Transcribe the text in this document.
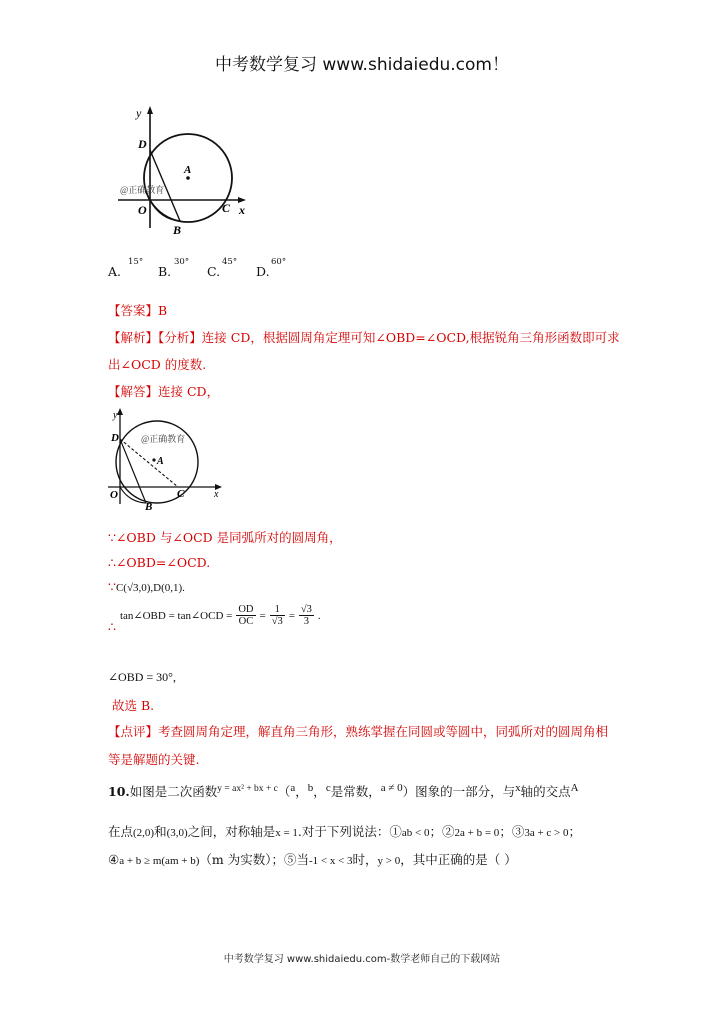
中考数学复习 www.shidaiedu.com！
y
D
A
@正确教育
O	C x
B
A.
15°
B.
30°
C.
45°
D.
60°
【答案】B
【解析】【分析】连接 CD，根据圆周角定理可知∠OBD=∠OCD,根据锐角三角形函数即可求
出∠OCD 的度数.
【解答】连接 CD，
y
D @正确教育
A
O	C	x
B
∵∠OBD 与∠OCD 是同弧所对的圆周角，
∴∠OBD=∠OCD.
∵C(√3,0),D(0,1).
∴ tan∠OBD = tan∠OCD = $\frac{OD}{OC} = \frac{1}{√3} = \frac{√3}{3}$ .
∠OBD = 30°,
故选 B.
【点评】考查圆周角定理，解直角三角形，熟练掌握在同圆或等圆中，同弧所对的圆周角相
等是解题的关键.
10.如图是二次函数$^{y = ax^2 + bx + c}$（a，b，c是常数，a ≠ 0）图象的一部分，与x轴的交点A
在点(2,0)和(3,0)之间，对称轴是x = 1.对于下列说法：①ab < 0；②2a + b = 0；③3a + c > 0；
④a + b ≥ m(am + b)（m 为实数）；⑤当-1 < x < 3时，y > 0，其中正确的是（ ）
中考数学复习 www.shidaiedu.com-数学老师自己的下载网站
